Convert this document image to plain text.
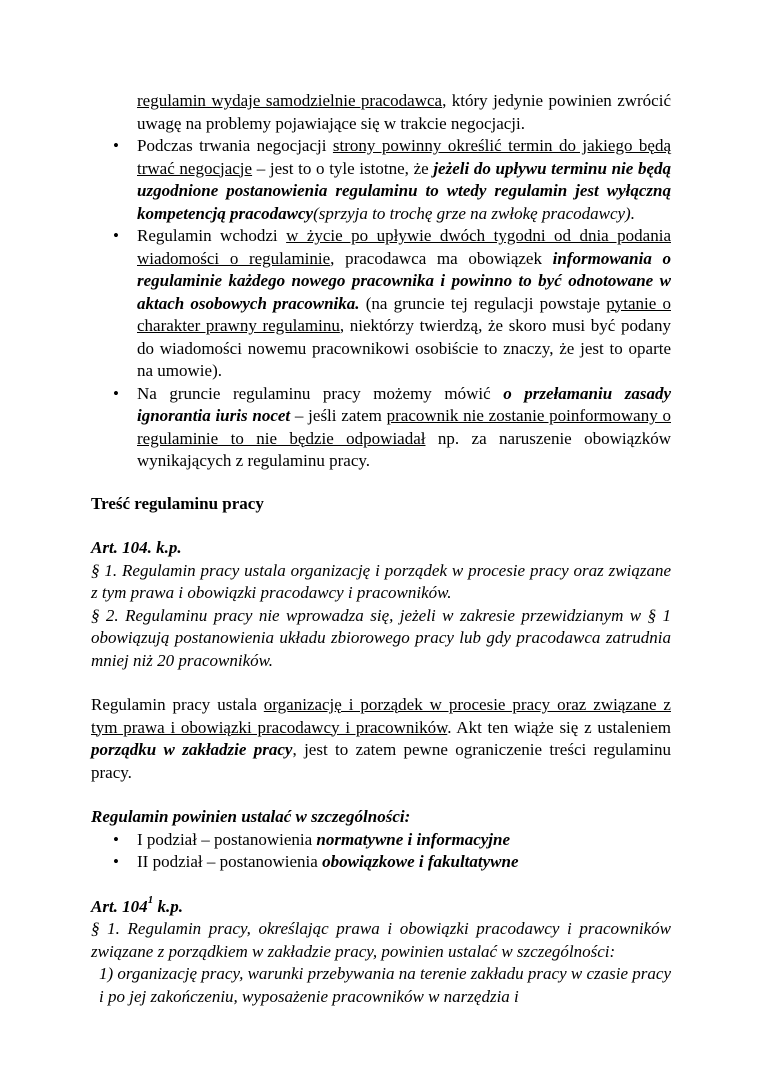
regulamin wydaje samodzielnie pracodawca, który jedynie powinien zwrócić uwagę na problemy pojawiające się w trakcie negocjacji.
• Podczas trwania negocjacji strony powinny określić termin do jakiego będą trwać negocjacje – jest to o tyle istotne, że jeżeli do upływu terminu nie będą uzgodnione postanowienia regulaminu to wtedy regulamin jest wyłączną kompetencją pracodawcy(sprzyja to trochę grze na zwłokę pracodawcy).
• Regulamin wchodzi w życie po upływie dwóch tygodni od dnia podania wiadomości o regulaminie, pracodawca ma obowiązek informowania o regulaminie każdego nowego pracownika i powinno to być odnotowane w aktach osobowych pracownika. (na gruncie tej regulacji powstaje pytanie o charakter prawny regulaminu, niektórzy twierdzą, że skoro musi być podany do wiadomości nowemu pracownikowi osobiście to znaczy, że jest to oparte na umowie).
• Na gruncie regulaminu pracy możemy mówić o przełamaniu zasady ignorantia iuris nocet – jeśli zatem pracownik nie zostanie poinformowany o regulaminie to nie będzie odpowiadał np. za naruszenie obowiązków wynikających z regulaminu pracy.

Treść regulaminu pracy

Art. 104. k.p.

§ 1. Regulamin pracy ustala organizację i porządek w procesie pracy oraz związane z tym prawa i obowiązki pracodawcy i pracowników.

§ 2. Regulaminu pracy nie wprowadza się, jeżeli w zakresie przewidzianym w § 1 obowiązują postanowienia układu zbiorowego pracy lub gdy pracodawca zatrudnia mniej niż 20 pracowników.

Regulamin pracy ustala organizację i porządek w procesie pracy oraz związane z tym prawa i obowiązki pracodawcy i pracowników. Akt ten wiąże się z ustaleniem porządku w zakładzie pracy, jest to zatem pewne ograniczenie treści regulaminu pracy.

Regulamin powinien ustalać w szczególności:

• I podział – postanowienia normatywne i informacyjne
• II podział – postanowienia obowiązkowe i fakultatywne

Art. $104^1$ k.p.

§ 1. Regulamin pracy, określając prawa i obowiązki pracodawcy i pracowników związane z porządkiem w zakładzie pracy, powinien ustalać w szczególności:

1) organizację pracy, warunki przebywania na terenie zakładu pracy w czasie pracy i po jej zakończeniu, wyposażenie pracowników w narzędzia i
